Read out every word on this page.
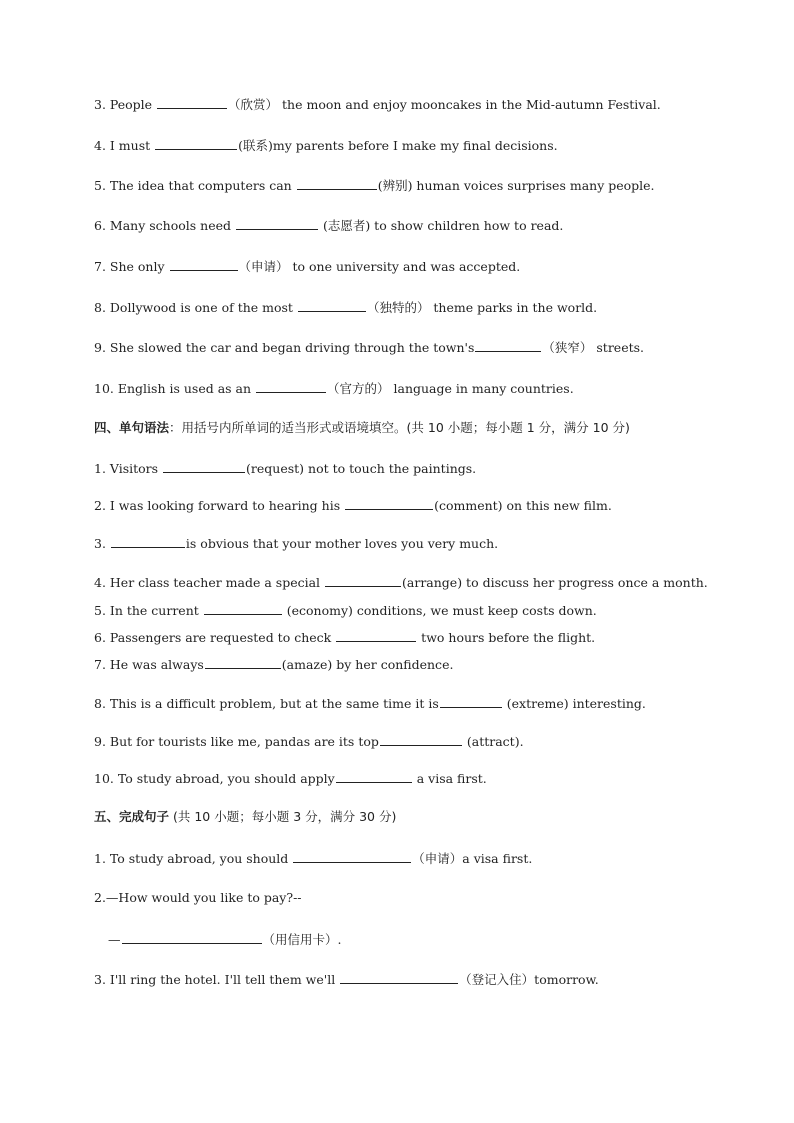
3. People	（欣赏） the moon and enjoy mooncakes in the Mid-autumn Festival.
4. I must	(联系)my parents before I make my final decisions.
5. The idea that computers can	(辨别) human voices surprises many people.
6. Many schools need	(志愿者) to show children how to read.
7. She only	（申请） to one university and was accepted.
8. Dollywood is one of the most	（独特的） theme parks in the world.
9. She slowed the car and began driving through the town's	（狭窄） streets.
10. English is used as an	（官方的） language in many countries.
四、单句语法：用括号内所单词的适当形式或语境填空。(共 10 小题；每小题 1 分，满分 10 分)
1. Visitors	(request) not to touch the paintings.
2. I was looking forward to hearing his	(comment) on this new film.
3.	is obvious that your mother loves you very much.
4. Her class teacher made a special	(arrange) to discuss her progress once a month.
5. In the current	(economy) conditions, we must keep costs down.
6. Passengers are requested to check	two hours before the flight.
7. He was always	(amaze) by her confidence.
8. This is a difficult problem, but at the same time it is	(extreme) interesting.
9. But for tourists like me, pandas are its top	(attract).
10. To study abroad, you should apply	a visa first.
五、完成句子 (共 10 小题；每小题 3 分，满分 30 分)
1. To study abroad, you should	（申请）a visa first.
2.—How would you like to pay?--
—	（用信用卡）.
3. I'll ring the hotel. I'll tell them we'll	（登记入住）tomorrow.
